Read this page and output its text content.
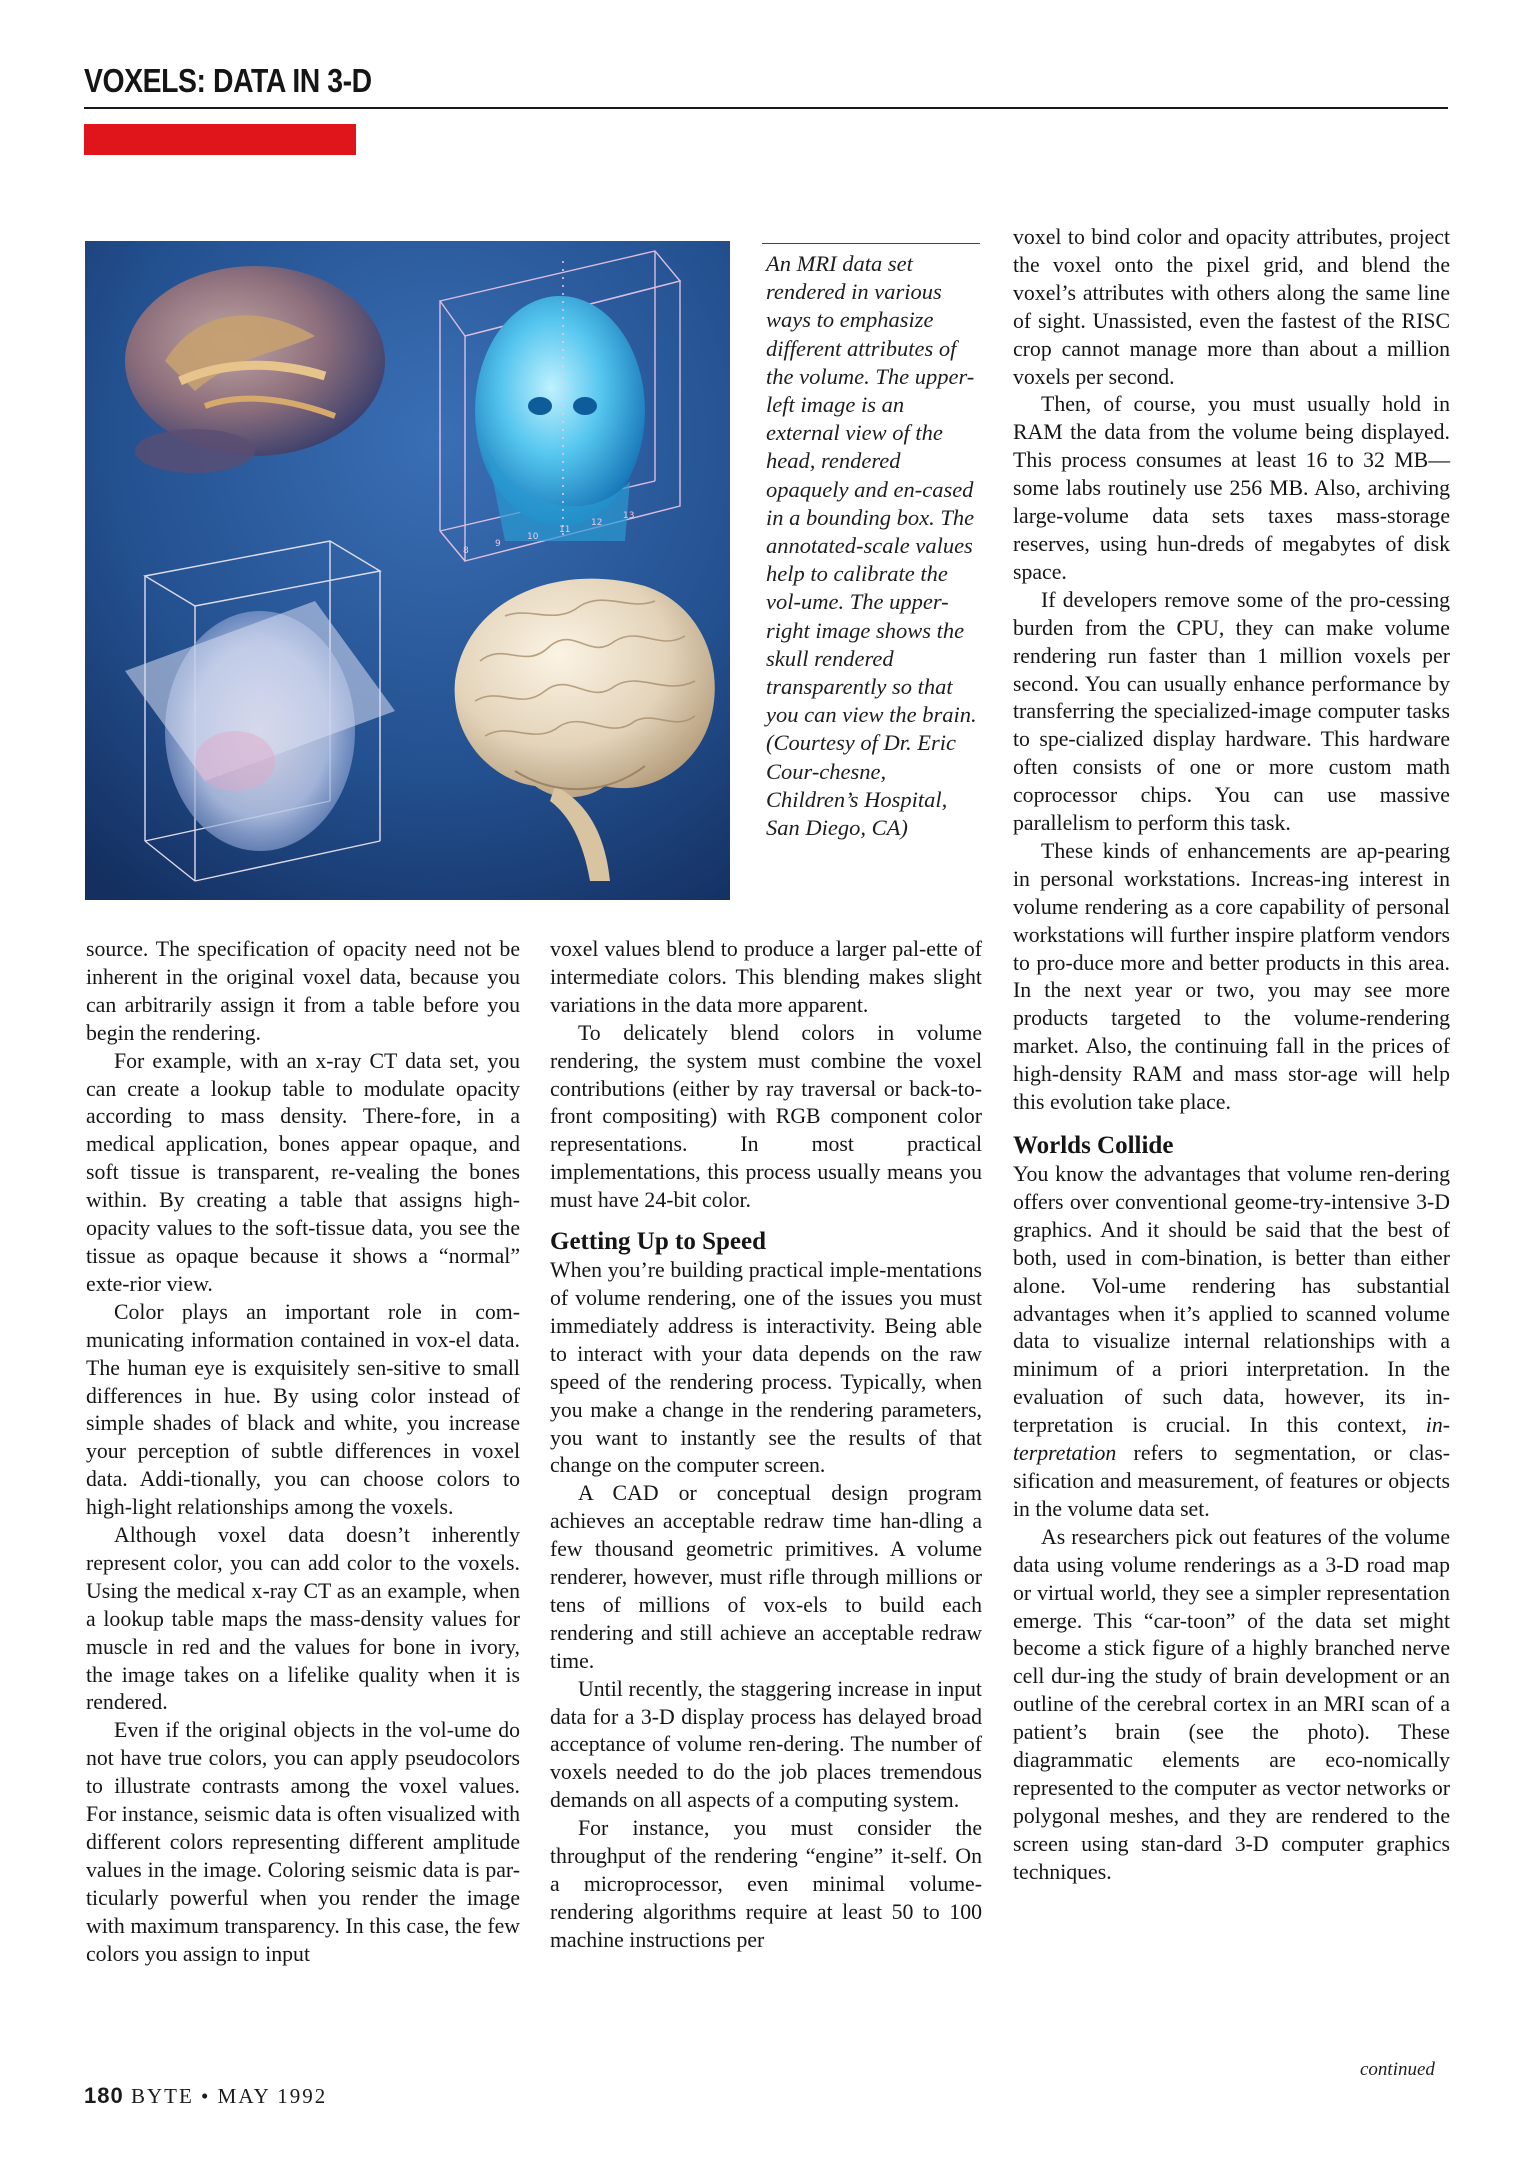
VOXELS: DATA IN 3-D
8
9
10
11
12
13
An MRI data set rendered in various ways to emphasize different attributes of the volume. The upper-left image is an external view of the head, rendered opaquely and en-cased in a bounding box. The annotated-scale values help to calibrate the vol-ume. The upper-right image shows the skull rendered transparently so that you can view the brain. (Courtesy of Dr. Eric Cour-chesne, Children’s Hospital, San Diego, CA)

source. The specification of opacity need not be inherent in the original voxel data, because you can arbitrarily assign it from a table before you begin the rendering.

For example, with an x-ray CT data set, you can create a lookup table to modulate opacity according to mass density. There-fore, in a medical application, bones appear opaque, and soft tissue is transparent, re-vealing the bones within. By creating a table that assigns high-opacity values to the soft-tissue data, you see the tissue as opaque because it shows a “normal” exte-rior view.

Color plays an important role in com-municating information contained in vox-el data. The human eye is exquisitely sen-sitive to small differences in hue. By using color instead of simple shades of black and white, you increase your perception of subtle differences in voxel data. Addi-tionally, you can choose colors to high-light relationships among the voxels.

Although voxel data doesn’t inherently represent color, you can add color to the voxels. Using the medical x-ray CT as an example, when a lookup table maps the mass-density values for muscle in red and the values for bone in ivory, the image takes on a lifelike quality when it is rendered.

Even if the original objects in the vol-ume do not have true colors, you can apply pseudocolors to illustrate contrasts among the voxel values. For instance, seismic data is often visualized with different colors representing different amplitude values in the image. Coloring seismic data is par-ticularly powerful when you render the image with maximum transparency. In this case, the few colors you assign to input

voxel values blend to produce a larger pal-ette of intermediate colors. This blending makes slight variations in the data more apparent.

To delicately blend colors in volume rendering, the system must combine the voxel contributions (either by ray traversal or back-to-front compositing) with RGB component color representations. In most practical implementations, this process usually means you must have 24-bit color.

Getting Up to Speed

When you’re building practical imple-mentations of volume rendering, one of the issues you must immediately address is interactivity. Being able to interact with your data depends on the raw speed of the rendering process. Typically, when you make a change in the rendering parameters, you want to instantly see the results of that change on the computer screen.

A CAD or conceptual design program achieves an acceptable redraw time han-dling a few thousand geometric primitives. A volume renderer, however, must rifle through millions or tens of millions of vox-els to build each rendering and still achieve an acceptable redraw time.

Until recently, the staggering increase in input data for a 3-D display process has delayed broad acceptance of volume ren-dering. The number of voxels needed to do the job places tremendous demands on all aspects of a computing system.

For instance, you must consider the throughput of the rendering “engine” it-self. On a microprocessor, even minimal volume-rendering algorithms require at least 50 to 100 machine instructions per

voxel to bind color and opacity attributes, project the voxel onto the pixel grid, and blend the voxel’s attributes with others along the same line of sight. Unassisted, even the fastest of the RISC crop cannot manage more than about a million voxels per second.

Then, of course, you must usually hold in RAM the data from the volume being displayed. This process consumes at least 16 to 32 MB—some labs routinely use 256 MB. Also, archiving large-volume data sets taxes mass-storage reserves, using hun-dreds of megabytes of disk space.

If developers remove some of the pro-cessing burden from the CPU, they can make volume rendering run faster than 1 million voxels per second. You can usually enhance performance by transferring the specialized-image computer tasks to spe-cialized display hardware. This hardware often consists of one or more custom math coprocessor chips. You can use massive parallelism to perform this task.

These kinds of enhancements are ap-pearing in personal workstations. Increas-ing interest in volume rendering as a core capability of personal workstations will further inspire platform vendors to pro-duce more and better products in this area. In the next year or two, you may see more products targeted to the volume-rendering market. Also, the continuing fall in the prices of high-density RAM and mass stor-age will help this evolution take place.

Worlds Collide

You know the advantages that volume ren-dering offers over conventional geome-try-intensive 3-D graphics. And it should be said that the best of both, used in com-bination, is better than either alone. Vol-ume rendering has substantial advantages when it’s applied to scanned volume data to visualize internal relationships with a minimum of a priori interpretation. In the evaluation of such data, however, its in-terpretation is crucial. In this context, in-terpretation refers to segmentation, or clas-sification and measurement, of features or objects in the volume data set.

As researchers pick out features of the volume data using volume renderings as a 3-D road map or virtual world, they see a simpler representation emerge. This “car-toon” of the data set might become a stick figure of a highly branched nerve cell dur-ing the study of brain development or an outline of the cerebral cortex in an MRI scan of a patient’s brain (see the photo). These diagrammatic elements are eco-nomically represented to the computer as vector networks or polygonal meshes, and they are rendered to the screen using stan-dard 3-D computer graphics techniques.

continued
180 BYTE • MAY 1992
